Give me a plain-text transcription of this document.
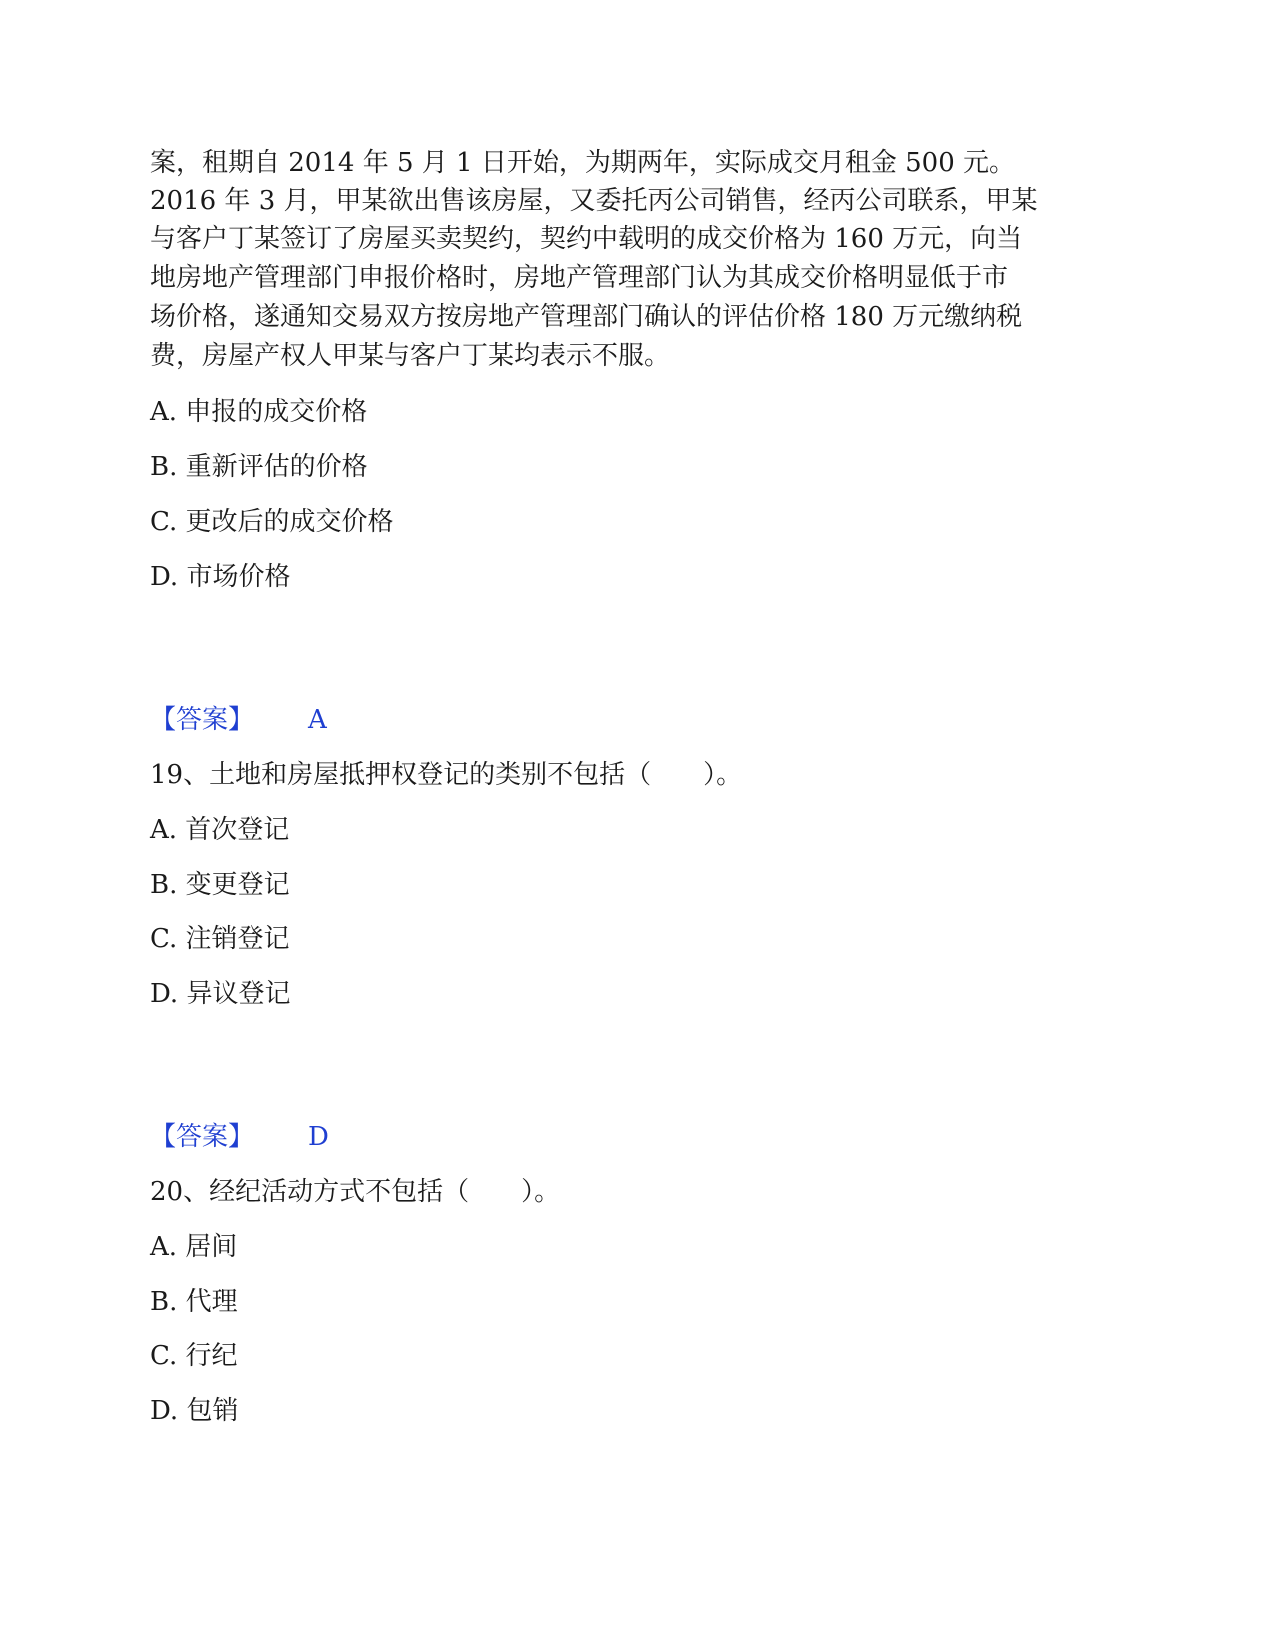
案，租期自 2014 年 5 月 1 日开始，为期两年，实际成交月租金 500 元。
2016 年 3 月，甲某欲出售该房屋，又委托丙公司销售，经丙公司联系，甲某
与客户丁某签订了房屋买卖契约，契约中载明的成交价格为 160 万元，向当
地房地产管理部门申报价格时，房地产管理部门认为其成交价格明显低于市
场价格，遂通知交易双方按房地产管理部门确认的评估价格 180 万元缴纳税
费，房屋产权人甲某与客户丁某均表示不服。
A. 申报的成交价格
B. 重新评估的价格
C. 更改后的成交价格
D. 市场价格
【答案】 A
19、土地和房屋抵押权登记的类别不包括（　　）。
A. 首次登记
B. 变更登记
C. 注销登记
D. 异议登记
【答案】 D
20、经纪活动方式不包括（　　）。
A. 居间
B. 代理
C. 行纪
D. 包销
